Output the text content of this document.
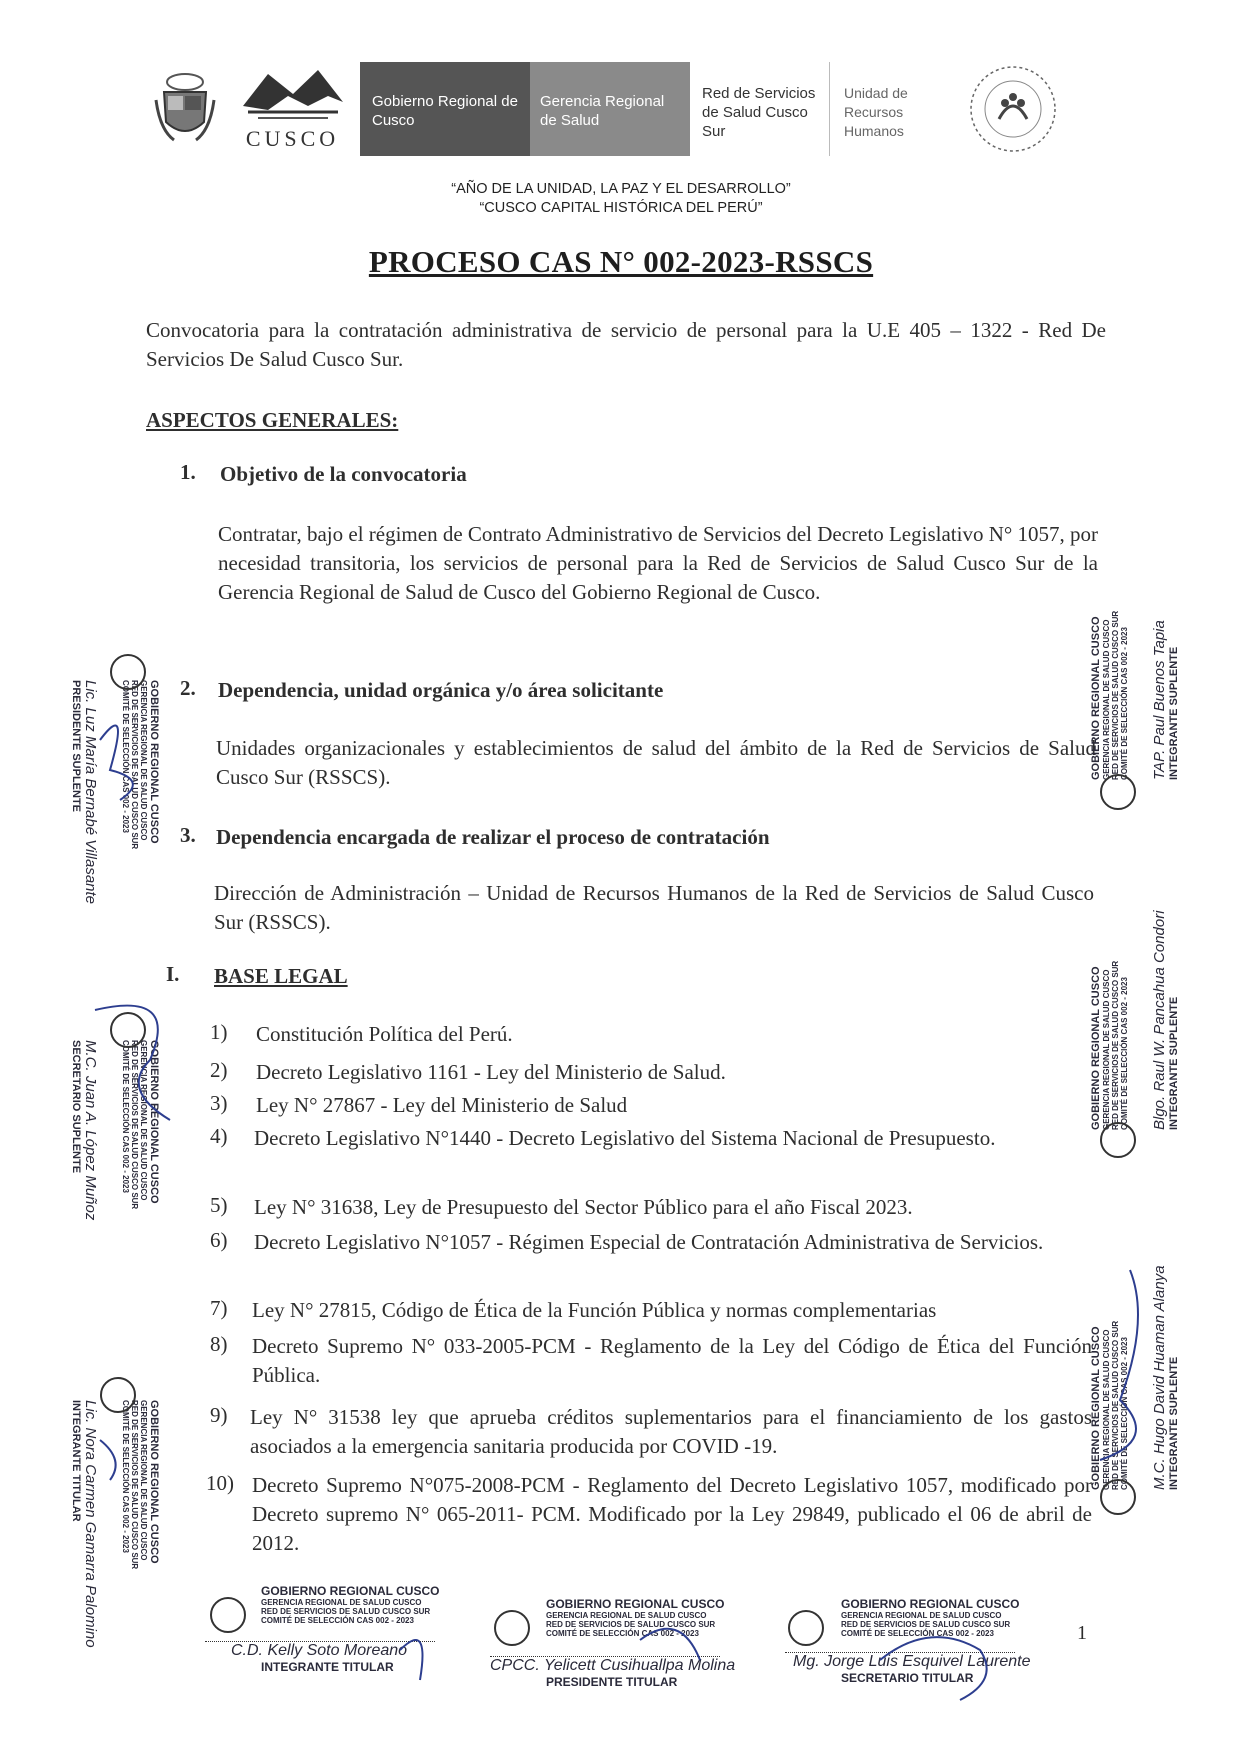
CUSCO
Gobierno Regional de Cusco
Gerencia Regional de Salud
Red de Servicios de Salud Cusco Sur
Unidad de Recursos Humanos
“AÑO DE LA UNIDAD, LA PAZ Y EL DESARROLLO”
“CUSCO CAPITAL HISTÓRICA DEL PERÚ”
PROCESO CAS N° 002-2023-RSSCS
Convocatoria para la contratación administrativa de servicio de personal para la U.E 405 – 1322 - Red De Servicios De Salud Cusco Sur.
ASPECTOS GENERALES:
1. Objetivo de la convocatoria
Contratar, bajo el régimen de Contrato Administrativo de Servicios del Decreto Legislativo N° 1057, por necesidad transitoria, los servicios de personal para la Red de Servicios de Salud Cusco Sur de la Gerencia Regional de Salud de Cusco del Gobierno Regional de Cusco.
2. Dependencia, unidad orgánica y/o área solicitante
Unidades organizacionales y establecimientos de salud del ámbito de la Red de Servicios de Salud Cusco Sur (RSSCS).
3. Dependencia encargada de realizar el proceso de contratación
Dirección de Administración – Unidad de Recursos Humanos de la Red de Servicios de Salud Cusco Sur (RSSCS).
I. BASE LEGAL
1) Constitución Política del Perú.
2) Decreto Legislativo 1161 - Ley del Ministerio de Salud.
3) Ley N° 27867 - Ley del Ministerio de Salud
4) Decreto Legislativo N°1440 - Decreto Legislativo del Sistema Nacional de Presupuesto.
5) Ley N° 31638, Ley de Presupuesto del Sector Público para el año Fiscal 2023.
6) Decreto Legislativo N°1057 - Régimen Especial de Contratación Administrativa de Servicios.
7) Ley N° 27815, Código de Ética de la Función Pública y normas complementarias
8) Decreto Supremo N° 033-2005-PCM - Reglamento de la Ley del Código de Ética del Función Pública.
9) Ley N° 31538 ley que aprueba créditos suplementarios para el financiamiento de los gastos asociados a la emergencia sanitaria producida por COVID -19.
10) Decreto Supremo N°075-2008-PCM - Reglamento del Decreto Legislativo 1057, modificado por Decreto supremo N° 065-2011- PCM. Modificado por la Ley 29849, publicado el 06 de abril de 2012.
1
GOBIERNO REGIONAL CUSCO
GERENCIA REGIONAL DE SALUD CUSCO
RED DE SERVICIOS DE SALUD CUSCO SUR
COMITÉ DE SELECCIÓN CAS 002 - 2023
Lic. Luz María Bernabé Villasante
PRESIDENTE SUPLENTE
GOBIERNO REGIONAL CUSCO
GERENCIA REGIONAL DE SALUD CUSCO
RED DE SERVICIOS DE SALUD CUSCO SUR
COMITÉ DE SELECCIÓN CAS 002 - 2023
M.C. Juan A. López Muñoz
SECRETARIO SUPLENTE
GOBIERNO REGIONAL CUSCO
GERENCIA REGIONAL DE SALUD CUSCO
RED DE SERVICIOS DE SALUD CUSCO SUR
COMITÉ DE SELECCIÓN CAS 002 - 2023
Lic. Nora Carmen Gamarra Palomino
INTEGRANTE TITULAR
GOBIERNO REGIONAL CUSCO GERENCIA REGIONAL DE SALUD CUSCO RED DE SERVICIOS DE SALUD CUSCO SUR COMITÉ DE SELECCIÓN CAS 002 - 2023 TAP. Paul Buenos Tapia INTEGRANTE SUPLENTE
GOBIERNO REGIONAL CUSCO GERENCIA REGIONAL DE SALUD CUSCO RED DE SERVICIOS DE SALUD CUSCO SUR COMITÉ DE SELECCIÓN CAS 002 - 2023 Blgo. Raul W. Pancahua Condori INTEGRANTE SUPLENTE
GOBIERNO REGIONAL CUSCO GERENCIA REGIONAL DE SALUD CUSCO RED DE SERVICIOS DE SALUD CUSCO SUR COMITÉ DE SELECCIÓN CAS 002 - 2023 M.C. Hugo David Huaman Alanya INTEGRANTE SUPLENTE
GOBIERNO REGIONAL CUSCO
GERENCIA REGIONAL DE SALUD CUSCO
RED DE SERVICIOS DE SALUD CUSCO SUR
COMITÉ DE SELECCIÓN CAS 002 - 2023
C.D. Kelly Soto Moreano
INTEGRANTE TITULAR
GOBIERNO REGIONAL CUSCO
GERENCIA REGIONAL DE SALUD CUSCO
RED DE SERVICIOS DE SALUD CUSCO SUR
COMITÉ DE SELECCIÓN CAS 002 - 2023
CPCC. Yelicett Cusihuallpa Molina
PRESIDENTE TITULAR
GOBIERNO REGIONAL CUSCO
GERENCIA REGIONAL DE SALUD CUSCO
RED DE SERVICIOS DE SALUD CUSCO SUR
COMITÉ DE SELECCIÓN CAS 002 - 2023
Mg. Jorge Luis Esquivel Laurente
SECRETARIO TITULAR
